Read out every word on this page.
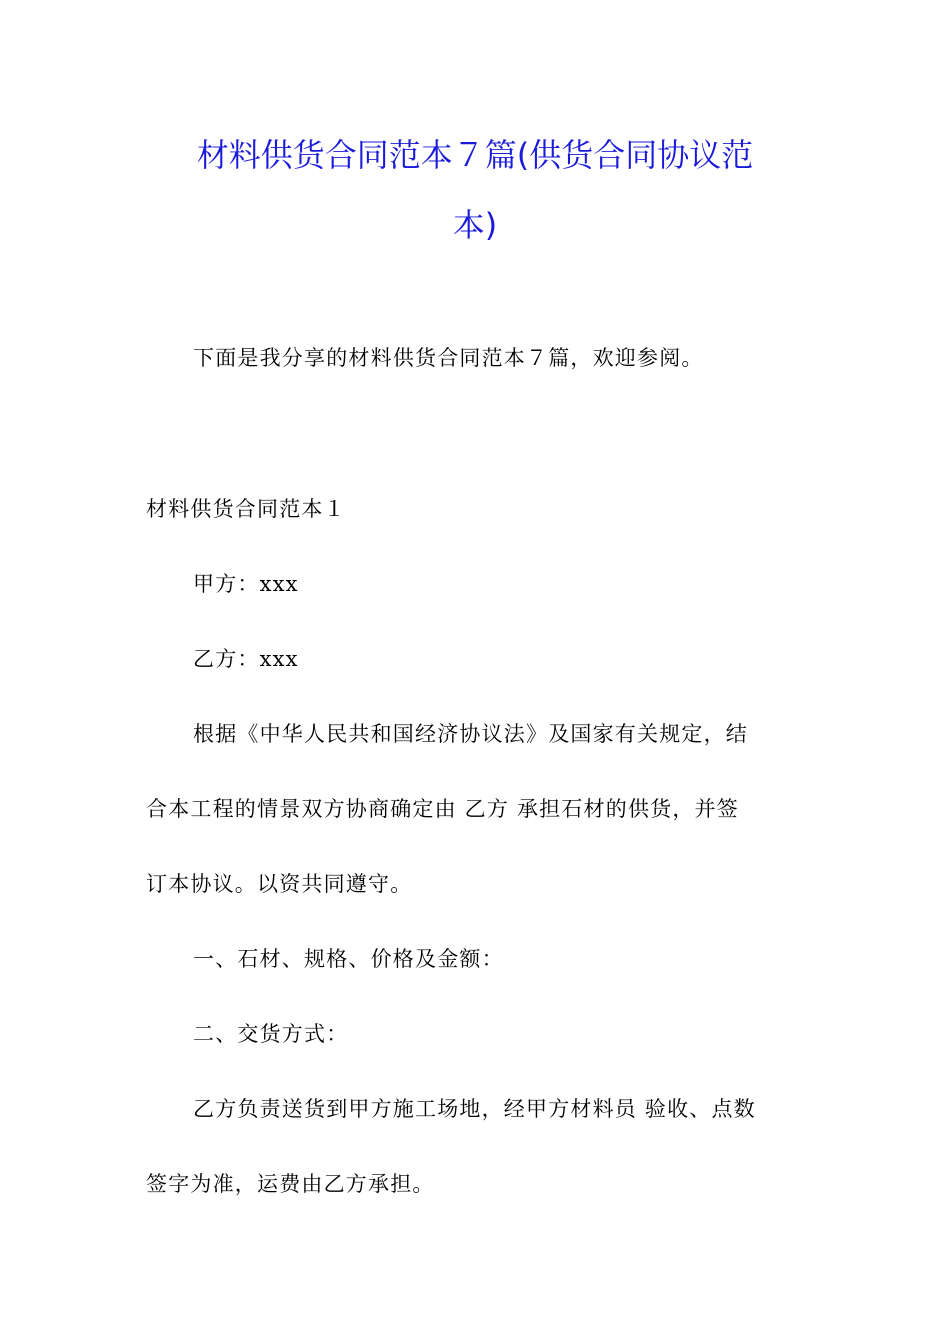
材料供货合同范本７篇(供货合同协议范
本)
下面是我分享的材料供货合同范本７篇，欢迎参阅。
材料供货合同范本１
甲方：xxx
乙方：xxx
根据《中华人民共和国经济协议法》及国家有关规定，结
合本工程的情景双方协商确定由 乙方 承担石材的供货，并签
订本协议。以资共同遵守。
一、石材、规格、价格及金额：
二、交货方式：
乙方负责送货到甲方施工场地，经甲方材料员 验收、点数
签字为准，运费由乙方承担。
